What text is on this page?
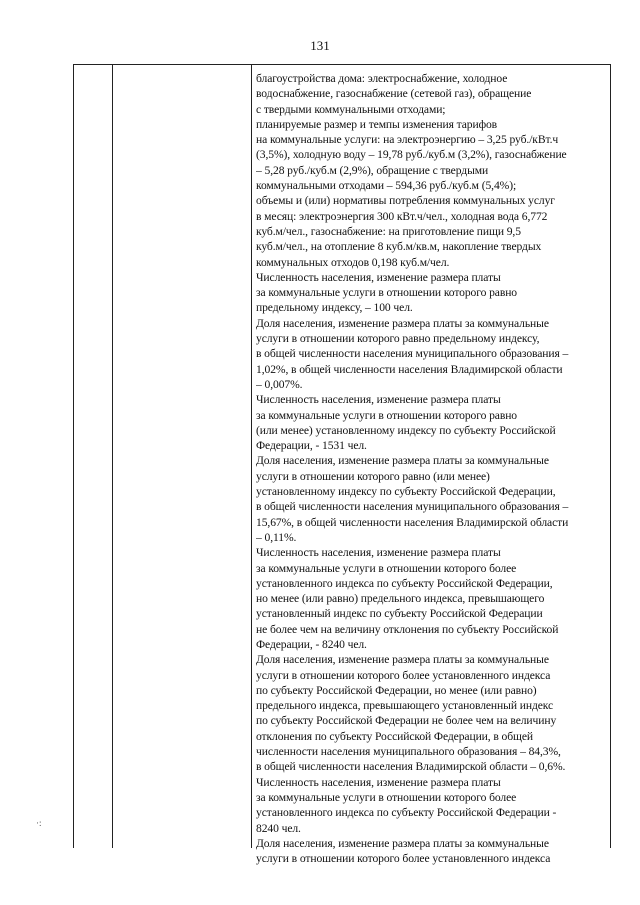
131
благоустройства дома: электроснабжение, холодное
водоснабжение, газоснабжение (сетевой газ), обращение
с твердыми коммунальными отходами;
планируемые размер и темпы изменения тарифов
на коммунальные услуги: на электроэнергию – 3,25 руб./кВт.ч
(3,5%), холодную воду – 19,78 руб./куб.м (3,2%), газоснабжение
– 5,28 руб./куб.м (2,9%), обращение с твердыми
коммунальными отходами – 594,36 руб./куб.м (5,4%);
объемы и (или) нормативы потребления коммунальных услуг
в месяц: электроэнергия 300 кВт.ч/чел., холодная вода 6,772
куб.м/чел., газоснабжение: на приготовление пищи 9,5
куб.м/чел., на отопление 8 куб.м/кв.м, накопление твердых
коммунальных отходов 0,198 куб.м/чел.
Численность населения, изменение размера платы
за коммунальные услуги в отношении которого равно
предельному индексу, – 100 чел.
Доля населения, изменение размера платы за коммунальные
услуги в отношении которого равно предельному индексу,
в общей численности населения муниципального образования –
1,02%, в общей численности населения Владимирской области
– 0,007%.
Численность населения, изменение размера платы
за коммунальные услуги в отношении которого равно
(или менее) установленному индексу по субъекту Российской
Федерации, - 1531 чел.
Доля населения, изменение размера платы за коммунальные
услуги в отношении которого равно (или менее)
установленному индексу по субъекту Российской Федерации,
в общей численности населения муниципального образования –
15,67%, в общей численности населения Владимирской области
– 0,11%.
Численность населения, изменение размера платы
за коммунальные услуги в отношении которого более
установленного индекса по субъекту Российской Федерации,
но менее (или равно) предельного индекса, превышающего
установленный индекс по субъекту Российской Федерации
не более чем на величину отклонения по субъекту Российской
Федерации, - 8240 чел.
Доля населения, изменение размера платы за коммунальные
услуги в отношении которого более установленного индекса
по субъекту Российской Федерации, но менее (или равно)
предельного индекса, превышающего установленный индекс
по субъекту Российской Федерации не более чем на величину
отклонения по субъекту Российской Федерации, в общей
численности населения муниципального образования – 84,3%,
в общей численности населения Владимирской области – 0,6%.
Численность населения, изменение размера платы
за коммунальные услуги в отношении которого более
установленного индекса по субъекту Российской Федерации -
8240 чел.
Доля населения, изменение размера платы за коммунальные
услуги в отношении которого более установленного индекса
·:
